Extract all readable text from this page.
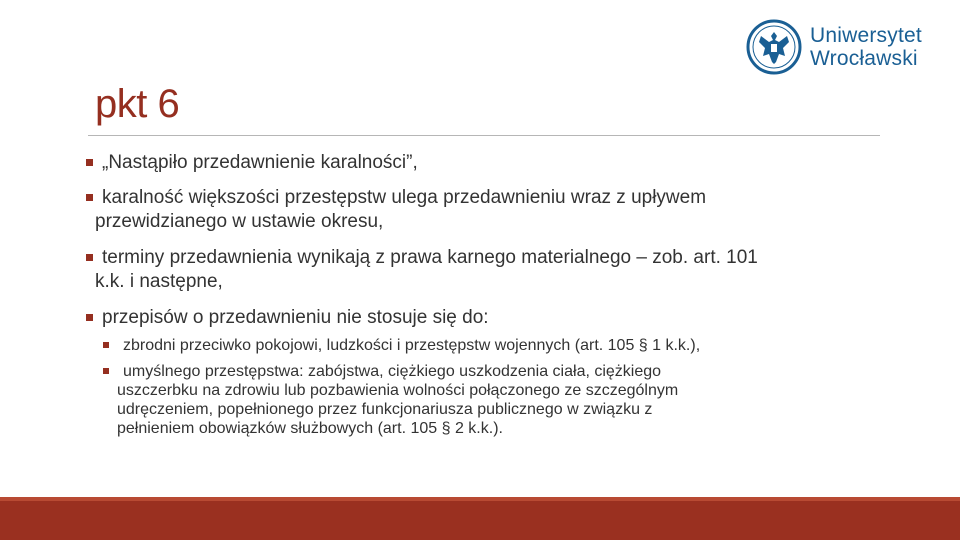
Uniwersytet
Wrocławski
pkt 6
„Nastąpiło przedawnienie karalności”,
karalność większości przestępstw ulega przedawnieniu wraz z upływem
przewidzianego w ustawie okresu,
terminy przedawnienia wynikają z prawa karnego materialnego – zob. art. 101
k.k. i następne,
przepisów o przedawnieniu nie stosuje się do:
zbrodni przeciwko pokojowi, ludzkości i przestępstw wojennych (art. 105 § 1 k.k.),
umyślnego przestępstwa: zabójstwa, ciężkiego uszkodzenia ciała, ciężkiego
uszczerbku na zdrowiu lub pozbawienia wolności połączonego ze szczególnym
udręczeniem, popełnionego przez funkcjonariusza publicznego w związku z
pełnieniem obowiązków służbowych (art. 105 § 2 k.k.).
